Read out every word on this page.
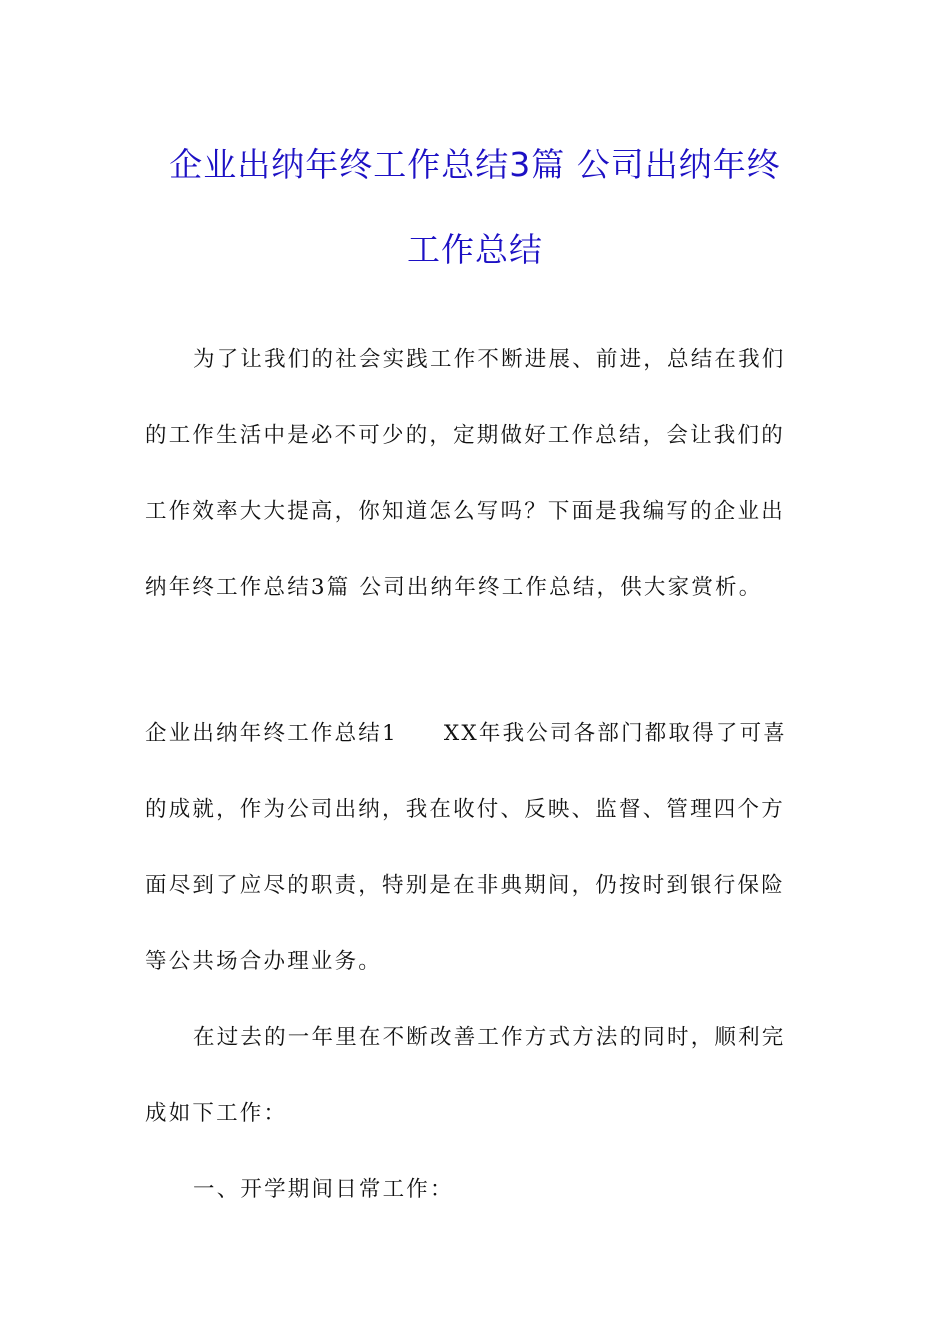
企业出纳年终工作总结3篇 公司出纳年终
工作总结
为了让我们的社会实践工作不断进展、前进，总结在我们
的工作生活中是必不可少的，定期做好工作总结，会让我们的
工作效率大大提高，你知道怎么写吗？下面是我编写的企业出
纳年终工作总结3篇 公司出纳年终工作总结，供大家赏析。
企业出纳年终工作总结1 XX年我公司各部门都取得了可喜
的成就，作为公司出纳，我在收付、反映、监督、管理四个方
面尽到了应尽的职责，特别是在非典期间，仍按时到银行保险
等公共场合办理业务。
在过去的一年里在不断改善工作方式方法的同时，顺利完
成如下工作：
一、开学期间日常工作：
